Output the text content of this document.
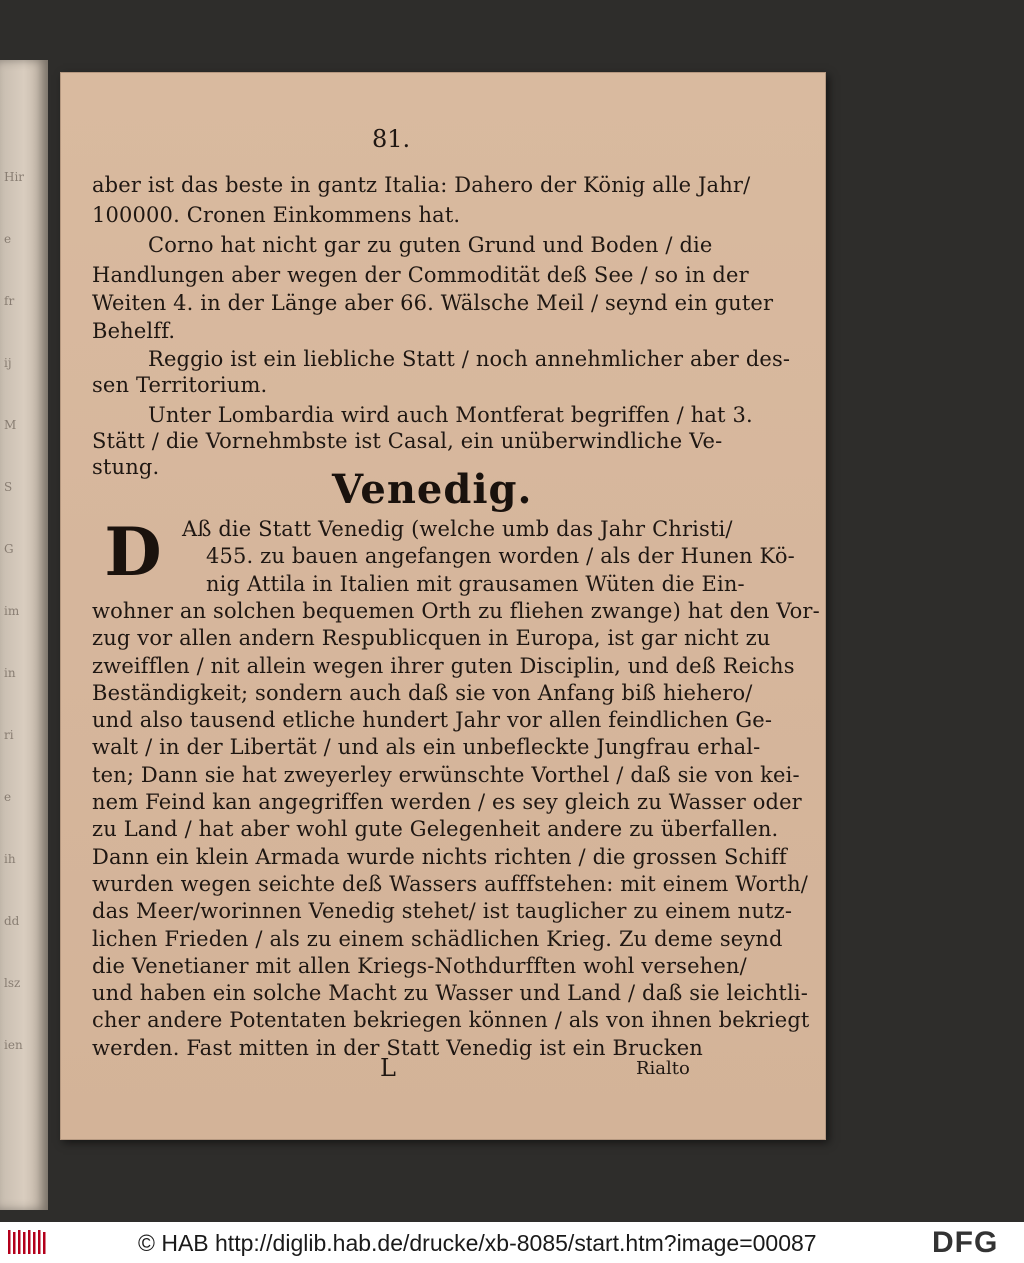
Hir
e
fr
ij
M
S
G
im
in
ri
e
ih
dd
lsz
ien
81.
Venedig.
D
L	Rialto
aber ist das beste in gantz Italia: Dahero der König alle Jahr/
100000. Cronen Einkommens hat.
Corno hat nicht gar zu guten Grund und Boden / die
Handlungen aber wegen der Commodität deß See / so in der
Weiten 4. in der Länge aber 66. Wälsche Meil / seynd ein guter
Behelff.
Reggio ist ein liebliche Statt / noch annehmlicher aber des-
sen Territorium.
Unter Lombardia wird auch Montferat begriffen / hat 3.
Stätt / die Vornehmbste ist Casal, ein unüberwindliche Ve-
stung.
Aß die Statt Venedig (welche umb das Jahr Christi/
455. zu bauen angefangen worden / als der Hunen Kö-
nig Attila in Italien mit grausamen Wüten die Ein-
wohner an solchen bequemen Orth zu fliehen zwange) hat den Vor-
zug vor allen andern Respublicquen in Europa, ist gar nicht zu
zweifflen / nit allein wegen ihrer guten Disciplin, und deß Reichs
Beständigkeit; sondern auch daß sie von Anfang biß hiehero/
und also tausend etliche hundert Jahr vor allen feindlichen Ge-
walt / in der Libertät / und als ein unbefleckte Jungfrau erhal-
ten; Dann sie hat zweyerley erwünschte Vorthel / daß sie von kei-
nem Feind kan angegriffen werden / es sey gleich zu Wasser oder
zu Land / hat aber wohl gute Gelegenheit andere zu überfallen.
Dann ein klein Armada wurde nichts richten / die grossen Schiff
wurden wegen seichte deß Wassers aufffstehen: mit einem Worth/
das Meer/worinnen Venedig stehet/ ist tauglicher zu einem nutz-
lichen Frieden / als zu einem schädlichen Krieg. Zu deme seynd
die Venetianer mit allen Kriegs-Nothdurfften wohl versehen/
und haben ein solche Macht zu Wasser und Land / daß sie leichtli-
cher andere Potentaten bekriegen können / als von ihnen bekriegt
werden. Fast mitten in der Statt Venedig ist ein Brucken
© HAB http://diglib.hab.de/drucke/xb-8085/start.htm?image=00087	DFG
